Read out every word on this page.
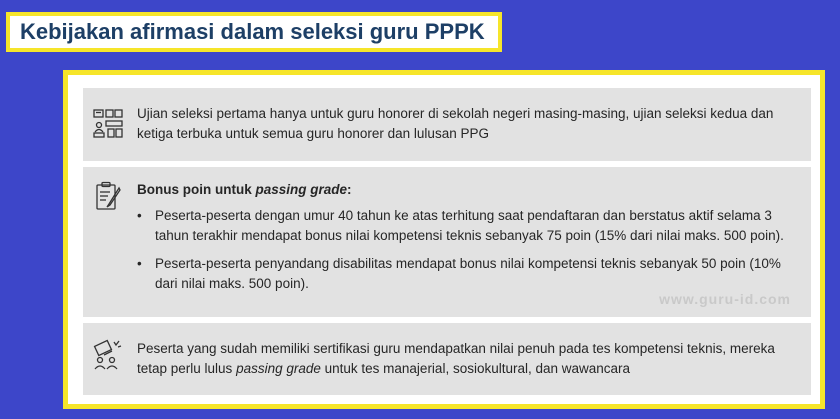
Kebijakan afirmasi dalam seleksi guru PPPK
Ujian seleksi pertama hanya untuk guru honorer di sekolah negeri masing-masing, ujian seleksi kedua dan ketiga terbuka untuk semua guru honorer dan lulusan PPG
Bonus poin untuk passing grade:
• Peserta-peserta dengan umur 40 tahun ke atas terhitung saat pendaftaran dan berstatus aktif selama 3 tahun terakhir mendapat bonus nilai kompetensi teknis sebanyak 75 poin (15% dari nilai maks. 500 poin).
• Peserta-peserta penyandang disabilitas mendapat bonus nilai kompetensi teknis sebanyak 50 poin (10% dari nilai maks. 500 poin).
www.guru-id.com
Peserta yang sudah memiliki sertifikasi guru mendapatkan nilai penuh pada tes kompetensi teknis, mereka tetap perlu lulus passing grade untuk tes manajerial, sosiokultural, dan wawancara
